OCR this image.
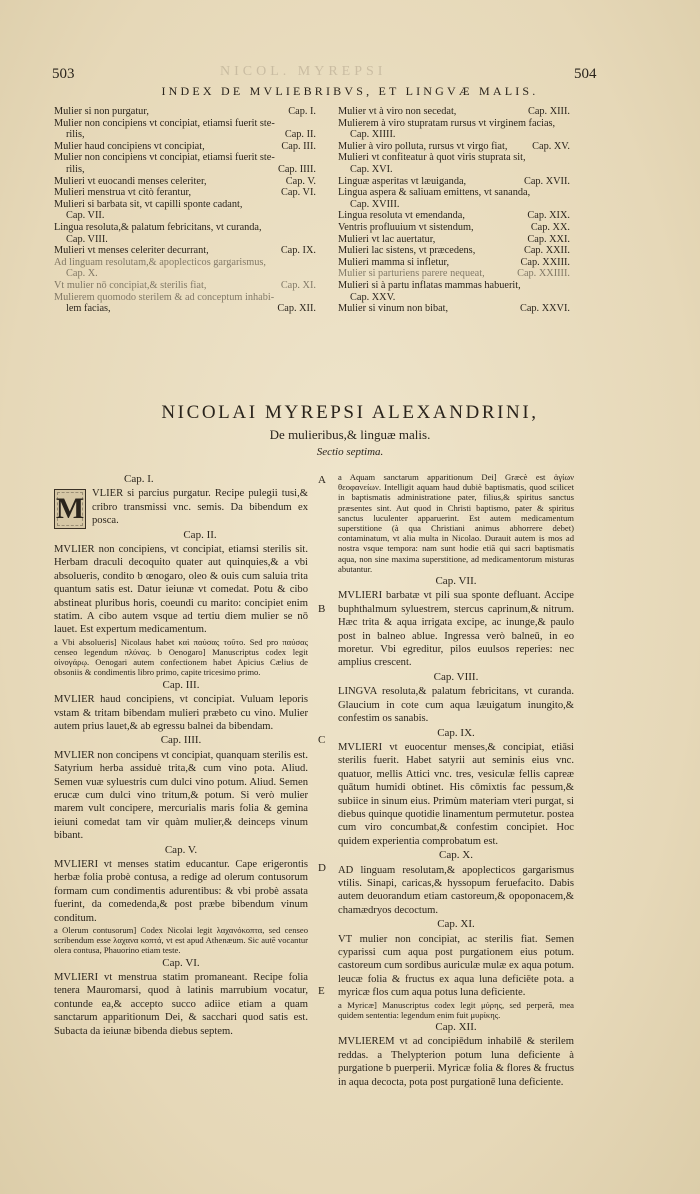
503	504
NICOL. MYREPSI
INDEX DE MVLIEBRIBVS, ET LINGVÆ MALIS.
Mulier si non purgatur,	Cap. I.
Mulier non concipiens vt concipiat, etiamsi fuerit ste-
rilis,	Cap. II.
Mulier haud concipiens vt concipiat,	Cap. III.
Mulier non concipiens vt concipiat, etiamsi fuerit ste-
rilis,	Cap. IIII.
Mulieri vt euocandi menses celeriter,	Cap. V.
Mulieri menstrua vt citò ferantur,	Cap. VI.
Mulieri si barbata sit, vt capilli sponte cadant,
Cap. VII.
Lingua resoluta,& palatum febricitans, vt curanda,
Cap. VIII.
Mulieri vt menses celeriter decurrant,	Cap. IX.
Ad linguam resolutam,& apoplecticos gargarismus,
Cap. X.
Vt mulier nō concipiat,& sterilis fiat,	Cap. XI.
Mulierem quomodo sterilem & ad conceptum inhabi-
lem facias,	Cap. XII.
Mulier vt à viro non secedat,	Cap. XIII.
Mulierem à viro stupratam rursus vt virginem facias,
Cap. XIIII.
Mulier à viro polluta, rursus vt virgo fiat,	Cap. XV.
Mulieri vt confiteatur à quot viris stuprata sit,
Cap. XVI.
Linguæ asperitas vt læuiganda,	Cap. XVII.
Lingua aspera & saliuam emittens, vt sananda,
Cap. XVIII.
Lingua resoluta vt emendanda,	Cap. XIX.
Ventris profluuium vt sistendum,	Cap. XX.
Mulieri vt lac auertatur,	Cap. XXI.
Mulieri lac sistens, vt præcedens,	Cap. XXII.
Mulieri mamma si infletur,	Cap. XXIII.
Mulier si parturiens parere nequeat,	Cap. XXIIII.
Mulieri si à partu inflatas mammas habuerit,
Cap. XXV.
Mulier si vinum non bibat,	Cap. XXVI.
NICOLAI MYREPSI ALEXANDRINI,
De mulieribus,& linguæ malis.
Sectio septima.
Cap. I.

M VLIER si parcius purgatur. Recipe pulegii tusi,& cribro transmissi vnc. semis. Da bibendum ex posca.

Cap. II.

MVLIER non concipiens, vt concipiat, etiamsi sterilis sit. Herbam draculi decoquito quater aut quinquies,& a vbi absolueris, condito b œnogaro, oleo & ouis cum saluia trita quantum satis est. Datur ieiunæ vt comedat. Potu & cibo abstineat pluribus horis, coeundi cu marito: concipiet enim statim. A cibo autem vsque ad tertiu diem mulier se nō lauet. Est expertum medicamentum.

a Vbi absolueris] Nicolaus habet καὶ παύσας τοῦτο. Sed pro παύσας censeo legendum πλύνας. b Oenogaro] Manuscriptus codex legit οἰνογάρῳ. Oenogari autem confectionem habet Apicius Cælius de obsoniis & condimentis libro primo, capite tricesimo primo.

Cap. III.

MVLIER haud concipiens, vt concipiat. Vuluam leporis vstam & tritam bibendam mulieri præbeto cu vino. Mulier autem prius lauet,& ab egressu balnei da bibendam.

Cap. IIII.

MVLIER non concipens vt concipiat, quanquam sterilis est. Satyrium herba assiduè trita,& cum vino pota. Aliud. Semen vuæ syluestris cum dulci vino potum. Aliud. Semen erucæ cum dulci vino tritum,& potum. Si verò mulier marem vult concipere, mercurialis maris folia & gemina ieiuni comedat tam vir quàm mulier,& deinceps vinum bibant.

Cap. V.

MVLIERI vt menses statim educantur. Cape erigerontis herbæ folia probè contusa, a redige ad olerum contusorum formam cum condimentis adurentibus: & vbi probè assata fuerint, da comedenda,& post præbe bibendum vinum conditum.

a Olerum contusorum] Codex Nicolai legit λαχανόκοπτα, sed censeo scribendum esse λαχανα κοπτά, vt est apud Athenæum. Sic autē vocantur olera contusa, Phauorino etiam teste.

Cap. VI.

MVLIERI vt menstrua statim promaneant. Recipe folia tenera Mauromarsi, quod à latinis marrubium vocatur, contunde ea,& accepto succo adiice etiam a quam sanctarum apparitionum Dei, & sacchari quod satis est. Subacta da ieiunæ bibenda diebus septem.

a Aquam sanctarum apparitionum Dei] Græcè est ἁγίων θεοφανείων. Intelligit aquam haud dubiè baptismatis, quod scilicet in baptismatis administratione pater, filius,& spiritus sanctus præsentes sint. Aut quod in Christi baptismo, pater & spiritus sanctus luculenter apparuerint. Est autem medicamentum superstitione (à qua Christiani animus abhorrere debet) contaminatum, vt alia multa in Nicolao. Durauit autem is mos ad nostra vsque tempora: nam sunt hodie etiā qui sacri baptismatis aqua, non sine maxima superstitione, ad medicamentorum misturas abutantur.

Cap. VII.

MVLIERI barbatæ vt pili sua sponte defluant. Accipe buphthalmum syluestrem, stercus caprinum,& nitrum. Hæc trita & aqua irrigata excipe, ac inunge,& paulo post in balneo ablue. Ingressa verò balneū, in eo moretur. Vbi egreditur, pilos euulsos reperies: nec amplius crescent.

Cap. VIII.

LINGVA resoluta,& palatum febricitans, vt curanda. Glaucium in cote cum aqua læuigatum inungito,& confestim os sanabis.

Cap. IX.

MVLIERI vt euocentur menses,& concipiat, etiāsi sterilis fuerit. Habet satyrii aut seminis eius vnc. quatuor, mellis Attici vnc. tres, vesiculæ fellis capreæ quātum humidi obtinet. His cōmixtis fac pessum,& subiice in sinum eius. Primùm materiam vteri purgat, si diebus quinque quotidie linamentum permutetur. postea cum viro concumbat,& confestim concipiet. Hoc quidem experientia comprobatum est.

Cap. X.

AD linguam resolutam,& apoplecticos gargarismus vtilis. Sinapi, caricas,& hyssopum feruefacito. Dabis autem deuorandum etiam castoreum,& opoponacem,& chamædryos decoctum.

Cap. XI.

VT mulier non concipiat, ac sterilis fiat. Semen cyparissi cum aqua post purgationem eius potum. castoreum cum sordibus auriculæ mulæ ex aqua potum. leucæ folia & fructus ex aqua luna deficiēte pota. a myricæ flos cum aqua potus luna deficiente.

a Myricæ] Manuscriptus codex legit μύρης, sed perperā, mea quidem sententia: legendum enim fuit μυρίκης.

Cap. XII.

MVLIEREM vt ad concipiēdum inhabilē & sterilem reddas. a Thelypterion potum luna deficiente à purgatione b puerperii. Myricæ folia & flores & fructus in aqua decocta, pota post purgationē luna deficiente.

A
B
C
D
E
